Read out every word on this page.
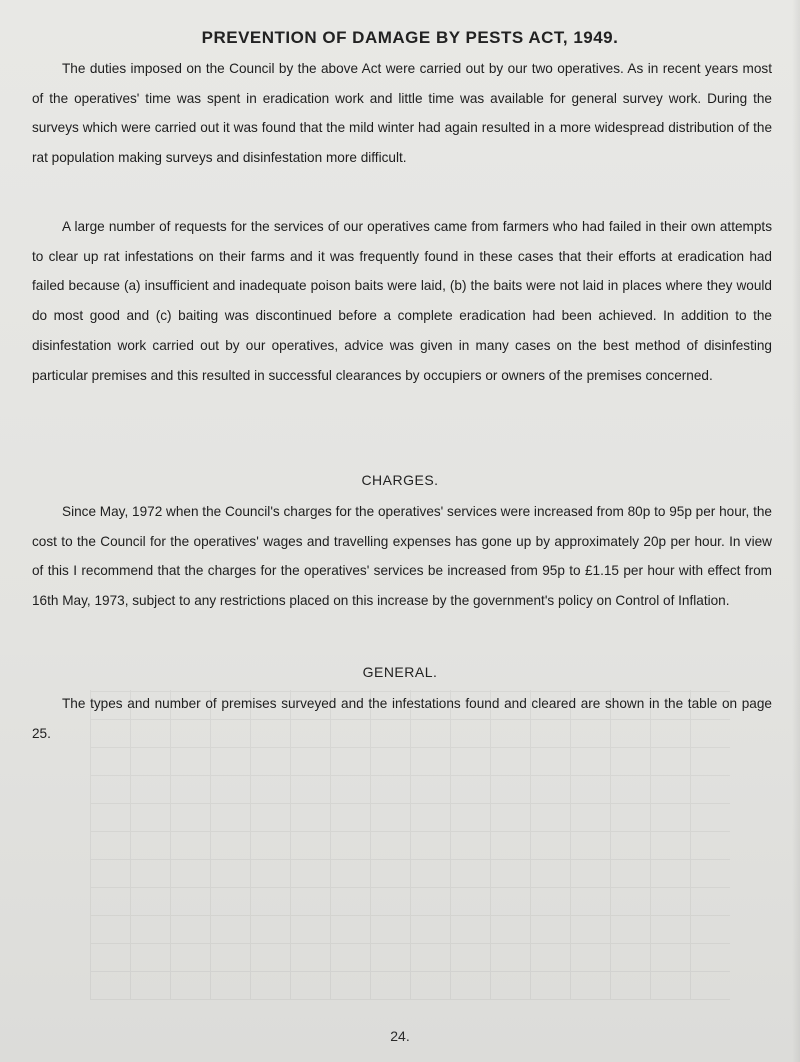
PREVENTION OF DAMAGE BY PESTS ACT, 1949.
The duties imposed on the Council by the above Act were carried out by our two operatives. As in recent years most of the operatives' time was spent in eradication work and little time was available for general survey work. During the surveys which were carried out it was found that the mild winter had again resulted in a more widespread distribution of the rat population making surveys and disinfestation more difficult.
A large number of requests for the services of our operatives came from farmers who had failed in their own attempts to clear up rat infestations on their farms and it was frequently found in these cases that their efforts at eradication had failed because (a) insufficient and inadequate poison baits were laid, (b) the baits were not laid in places where they would do most good and (c) baiting was discontinued before a complete eradication had been achieved. In addition to the disinfestation work carried out by our operatives, advice was given in many cases on the best method of disinfesting particular premises and this resulted in successful clearances by occupiers or owners of the premises concerned.
CHARGES.
Since May, 1972 when the Council's charges for the operatives' services were increased from 80p to 95p per hour, the cost to the Council for the operatives' wages and travelling expenses has gone up by approximately 20p per hour. In view of this I recommend that the charges for the operatives' services be increased from 95p to £1.15 per hour with effect from 16th May, 1973, subject to any restrictions placed on this increase by the government's policy on Control of Inflation.
GENERAL.
The types and number of premises surveyed and the infestations found and cleared are shown in the table on page 25.
24.
